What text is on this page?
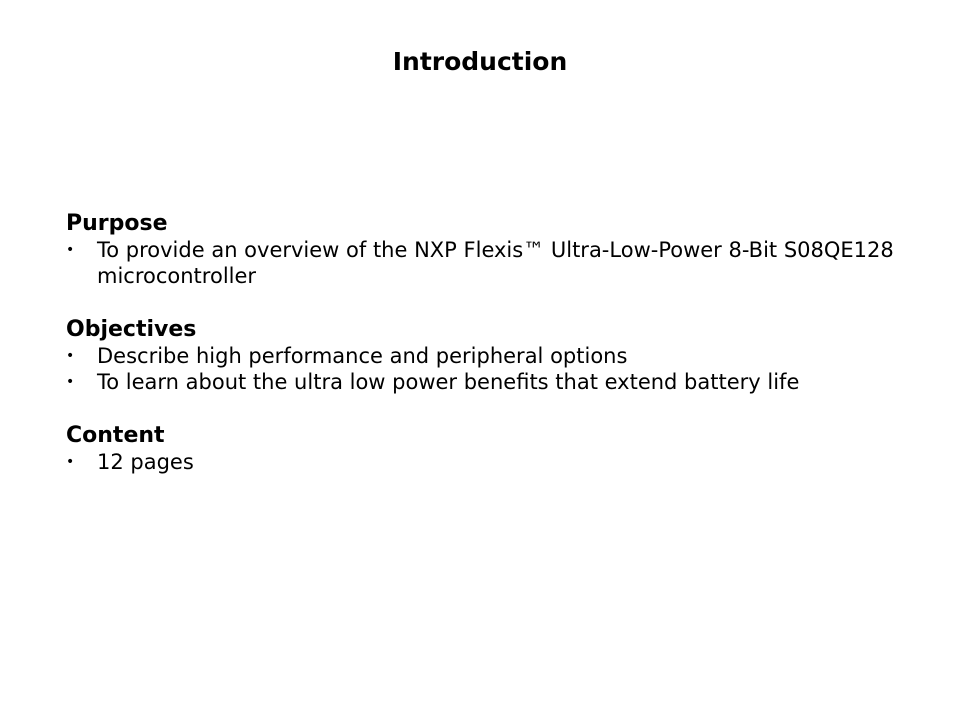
Introduction
Purpose
• To provide an overview of the NXP Flexis™ Ultra-Low-Power 8-Bit S08QE128 microcontroller
Objectives
• Describe high performance and peripheral options
• To learn about the ultra low power benefits that extend battery life
Content
• 12 pages
